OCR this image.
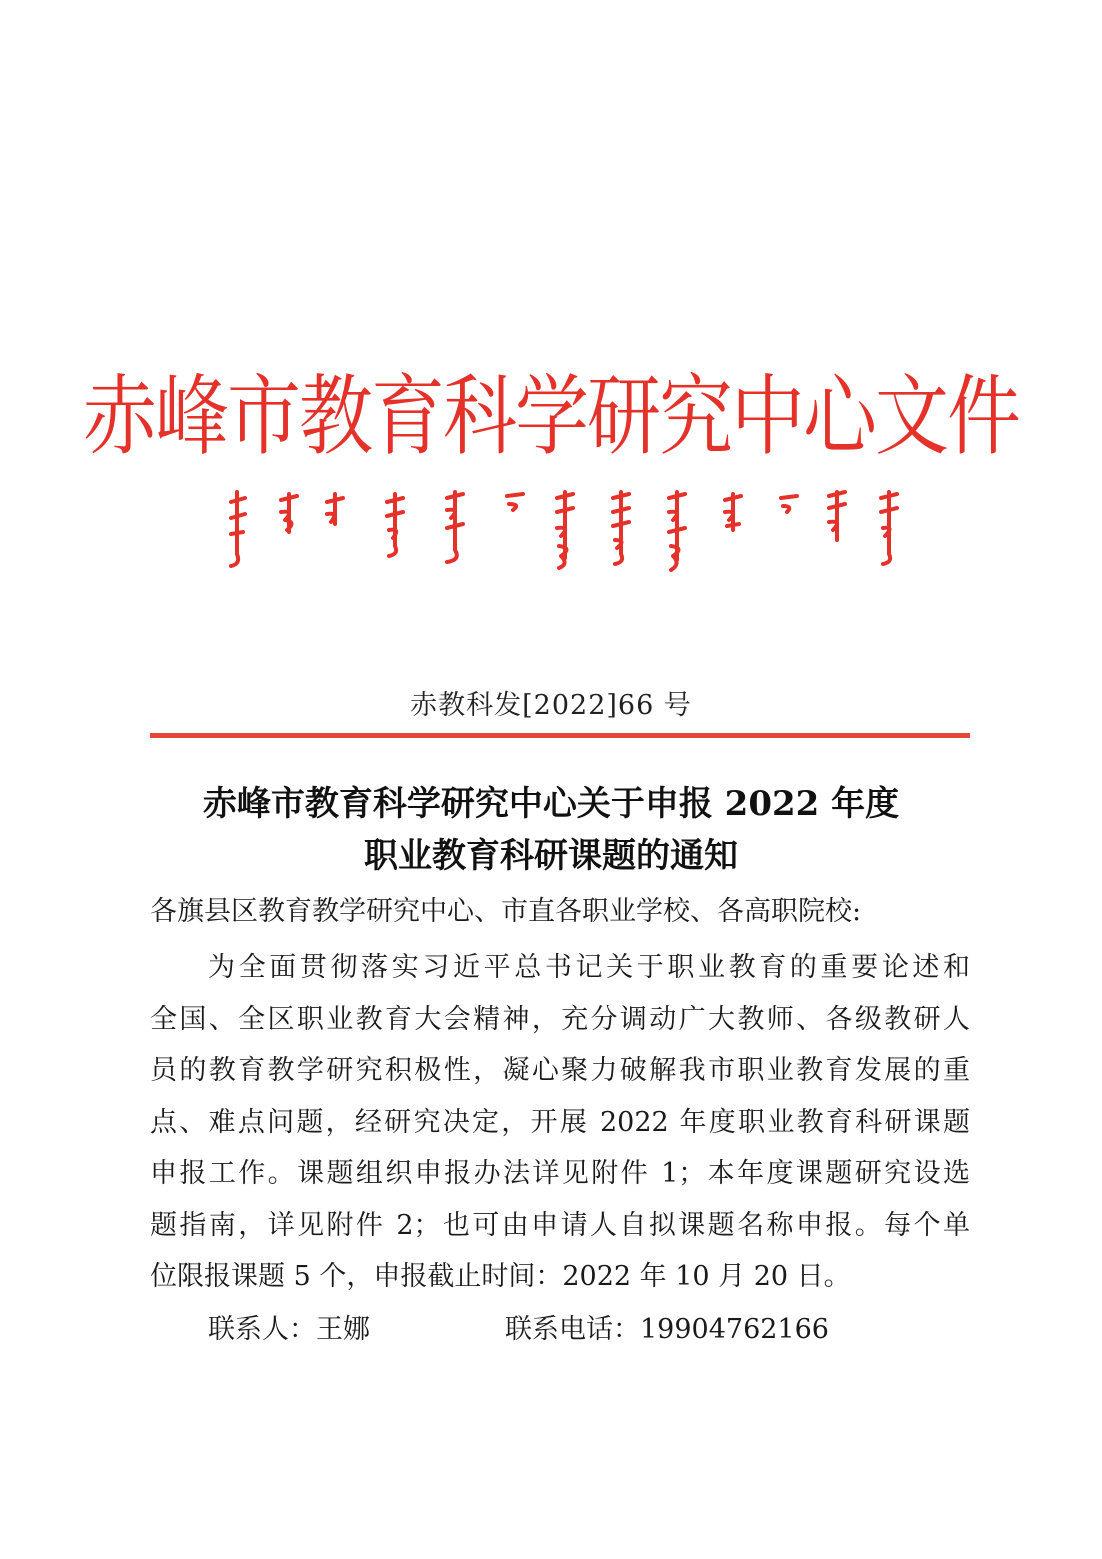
赤峰市教育科学研究中心文件
赤教科发[2022]66 号
赤峰市教育科学研究中心关于申报 2022 年度
职业教育科研课题的通知
各旗县区教育教学研究中心、市直各职业学校、各高职院校:
为全面贯彻落实习近平总书记关于职业教育的重要论述和
全国、全区职业教育大会精神，充分调动广大教师、各级教研人
员的教育教学研究积极性，凝心聚力破解我市职业教育发展的重
点、难点问题，经研究决定，开展 2022 年度职业教育科研课题
申报工作。课题组织申报办法详见附件 1；本年度课题研究设选
题指南，详见附件 2；也可由申请人自拟课题名称申报。每个单
位限报课题 5 个，申报截止时间：2022 年 10 月 20 日。
联系人：王娜	联系电话：19904762166
